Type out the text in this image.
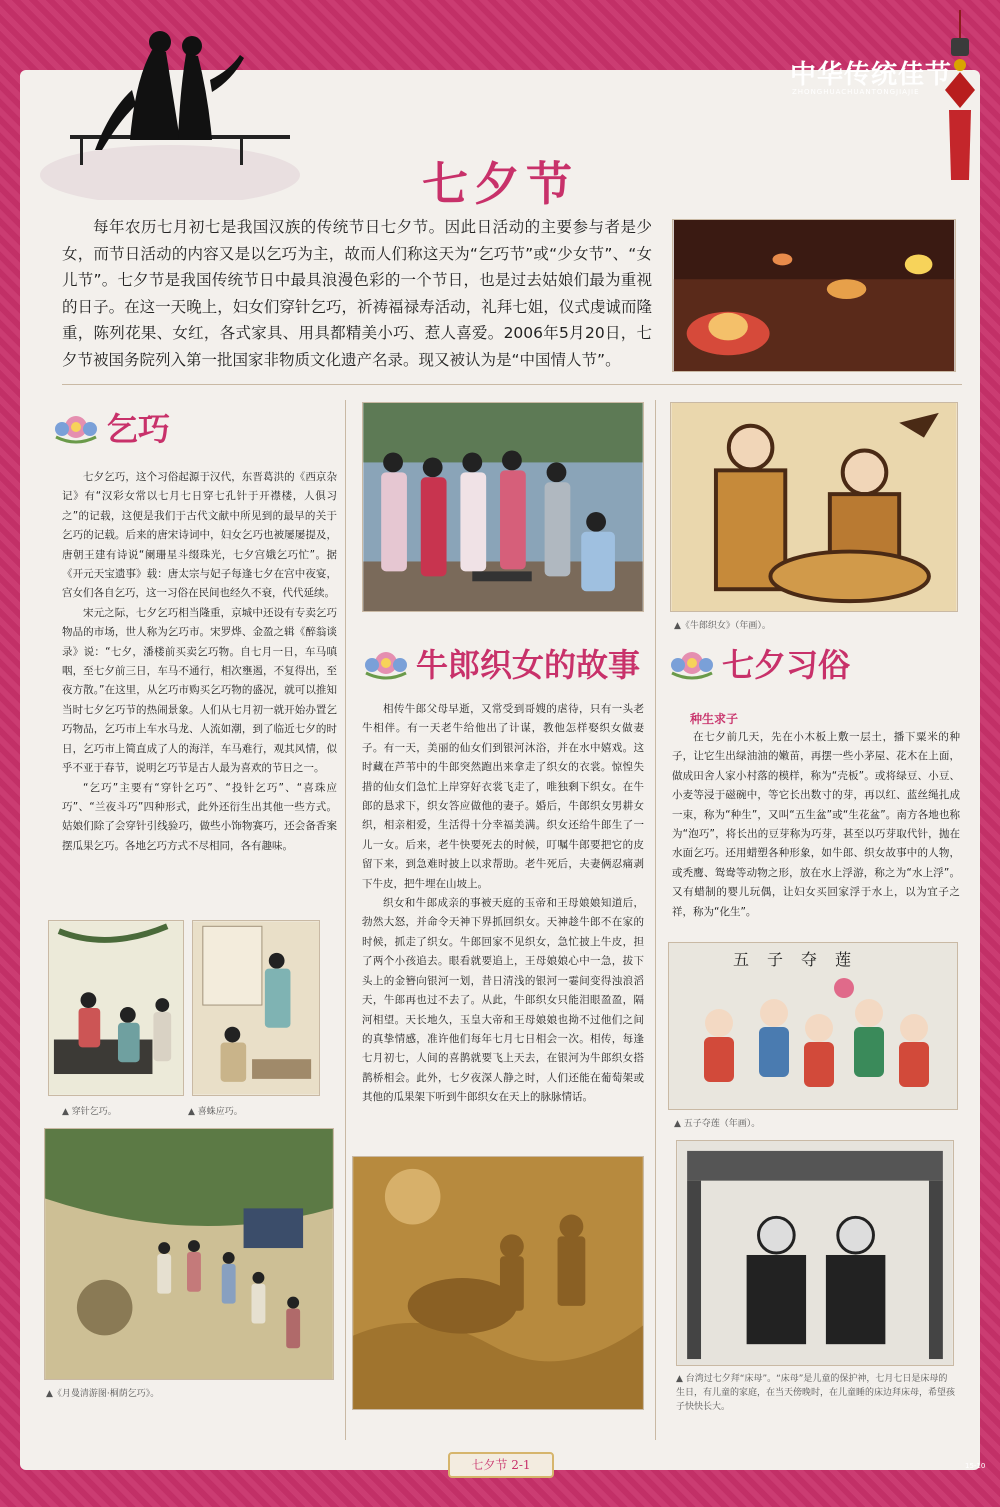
中华传统佳节
ZHONGHUACHUANTONGJIAJIE
七夕节

每年农历七月初七是我国汉族的传统节日七夕节。因此日活动的主要参与者是少女，而节日活动的内容又是以乞巧为主，故而人们称这天为“乞巧节”或“少女节”、“女儿节”。七夕节是我国传统节日中最具浪漫色彩的一个节日，也是过去姑娘们最为重视的日子。在这一天晚上，妇女们穿针乞巧，祈祷福禄寿活动，礼拜七姐，仪式虔诚而隆重，陈列花果、女红，各式家具、用具都精美小巧、惹人喜爱。2006年5月20日，七夕节被国务院列入第一批国家非物质文化遗产名录。现又被认为是“中国情人节”。

乞巧

七夕乞巧，这个习俗起源于汉代，东晋葛洪的《西京杂记》有“汉彩女常以七月七日穿七孔针于开襟楼，人俱习之”的记载，这便是我们于古代文献中所见到的最早的关于乞巧的记载。后来的唐宋诗词中，妇女乞巧也被屡屡提及，唐朝王建有诗说“阑珊星斗缀珠光，七夕宫娥乞巧忙”。据《开元天宝遗事》载：唐太宗与妃子每逢七夕在宫中夜宴，宫女们各自乞巧，这一习俗在民间也经久不衰，代代延续。

宋元之际，七夕乞巧相当隆重，京城中还设有专卖乞巧物品的市场，世人称为乞巧市。宋罗烨、金盈之辑《醉翁谈录》说：“七夕，潘楼前买卖乞巧物。自七月一日，车马嗔咽，至七夕前三日，车马不通行，相次壅遏，不复得出，至夜方散。”在这里，从乞巧市购买乞巧物的盛况，就可以推知当时七夕乞巧节的热闹景象。人们从七月初一就开始办置乞巧物品，乞巧市上车水马龙、人流如潮，到了临近七夕的时日，乞巧市上简直成了人的海洋，车马难行，观其风情，似乎不亚于春节，说明乞巧节是古人最为喜欢的节日之一。

“乞巧”主要有“穿针乞巧”、“投针乞巧”、“喜珠应巧”、“兰夜斗巧”四种形式，此外还衍生出其他一些方式。姑娘们除了会穿针引线验巧，做些小饰物赛巧，还会备香案摆瓜果乞巧。各地乞巧方式不尽相同，各有趣味。

▲ 穿针乞巧。	▲ 喜蛛应巧。
▲《月曼清游图·桐荫乞巧》。
牛郎织女的故事

相传牛郎父母早逝，又常受到哥嫂的虐待，只有一头老牛相伴。有一天老牛给他出了计谋，教他怎样娶织女做妻子。有一天，美丽的仙女们到银河沐浴，并在水中嬉戏。这时藏在芦苇中的牛郎突然跑出来拿走了织女的衣裳。惊惶失措的仙女们急忙上岸穿好衣裳飞走了，唯独剩下织女。在牛郎的恳求下，织女答应做他的妻子。婚后，牛郎织女男耕女织，相亲相爱，生活得十分幸福美满。织女还给牛郎生了一儿一女。后来，老牛快要死去的时候，叮嘱牛郎要把它的皮留下来，到急难时披上以求帮助。老牛死后，夫妻俩忍痛剥下牛皮，把牛埋在山坡上。

织女和牛郎成亲的事被天庭的玉帝和王母娘娘知道后，勃然大怒，并命令天神下界抓回织女。天神趁牛郎不在家的时候，抓走了织女。牛郎回家不见织女，急忙披上牛皮，担了两个小孩追去。眼看就要追上，王母娘娘心中一急，拔下头上的金簪向银河一划，昔日清浅的银河一霎间变得浊浪滔天，牛郎再也过不去了。从此，牛郎织女只能泪眼盈盈，隔河相望。天长地久，玉皇大帝和王母娘娘也拗不过他们之间的真挚情感，准许他们每年七月七日相会一次。相传，每逢七月初七，人间的喜鹊就要飞上天去，在银河为牛郎织女搭鹊桥相会。此外，七夕夜深人静之时，人们还能在葡萄架或其他的瓜果架下听到牛郎织女在天上的脉脉情话。

▲《牛郎织女》（年画）。
七夕习俗
种生求子

在七夕前几天，先在小木板上敷一层土，播下粟米的种子，让它生出绿油油的嫩苗，再摆一些小茅屋、花木在上面，做成田舍人家小村落的模样，称为“壳板”。或将绿豆、小豆、小麦等浸于磁碗中，等它长出数寸的芽，再以红、蓝丝绳扎成一束，称为“种生”，又叫“五生盆”或“生花盆”。南方各地也称为“泡巧”，将长出的豆芽称为巧芽，甚至以巧芽取代针，抛在水面乞巧。还用蜡塑各种形象，如牛郎、织女故事中的人物，或秃鹰、鸳鸯等动物之形，放在水上浮游，称之为“水上浮”。又有蜡制的婴儿玩偶，让妇女买回家浮于水上，以为宜子之祥，称为“化生”。

五子夺莲
▲ 五子夺莲（年画）。
▲ 台湾过七夕拜“床母”。“床母”是儿童的保护神，七月七日是床母的生日，有儿童的家庭，在当天傍晚时，在儿童睡的床边拜床母，希望孩子快快长大。
七夕节 2-1	15-10
